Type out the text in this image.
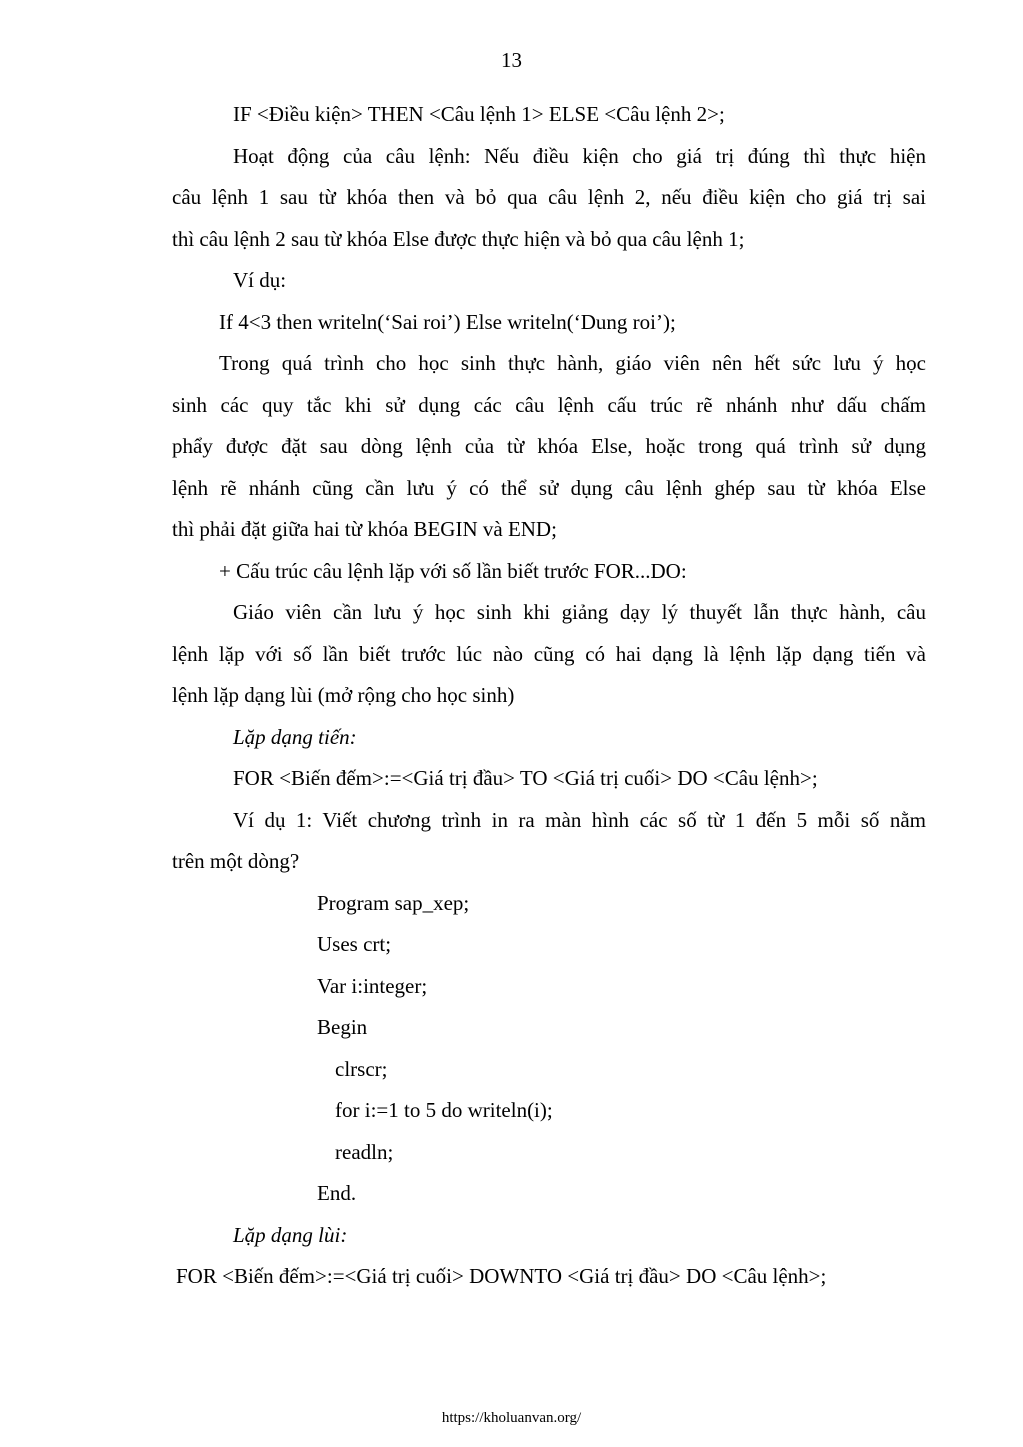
13
IF <Điều kiện> THEN <Câu lệnh 1> ELSE <Câu lệnh 2>;
Hoạt động của câu lệnh: Nếu điều kiện cho giá trị đúng thì thực hiện
câu lệnh 1 sau từ khóa then và bỏ qua câu lệnh 2, nếu điều kiện cho giá trị sai
thì câu lệnh 2 sau từ khóa Else được thực hiện và bỏ qua câu lệnh 1;
Ví dụ:
If 4<3 then writeln(‘Sai roi’) Else writeln(‘Dung roi’);
Trong quá trình cho học sinh thực hành, giáo viên nên hết sức lưu ý học
sinh các quy tắc khi sử dụng các câu lệnh cấu trúc rẽ nhánh như dấu chấm
phẩy được đặt sau dòng lệnh của từ khóa Else, hoặc trong quá trình sử dụng
lệnh rẽ nhánh cũng cần lưu ý có thể sử dụng câu lệnh ghép sau từ khóa Else
thì phải đặt giữa hai từ khóa BEGIN và END;
+ Cấu trúc câu lệnh lặp với số lần biết trước FOR...DO:
Giáo viên cần lưu ý học sinh khi giảng dạy lý thuyết lẫn thực hành, câu
lệnh lặp với số lần biết trước lúc nào cũng có hai dạng là lệnh lặp dạng tiến và
lệnh lặp dạng lùi (mở rộng cho học sinh)
Lặp dạng tiến:
FOR <Biến đếm>:=<Giá trị đầu> TO <Giá trị cuối> DO <Câu lệnh>;
Ví dụ 1: Viết chương trình in ra màn hình các số từ 1 đến 5 mỗi số nằm
trên một dòng?
Program sap_xep;
Uses crt;
Var i:integer;
Begin
clrscr;
for i:=1 to 5 do writeln(i);
readln;
End.
Lặp dạng lùi:
FOR <Biến đếm>:=<Giá trị cuối> DOWNTO <Giá trị đầu> DO <Câu lệnh>;
https://kholuanvan.org/
